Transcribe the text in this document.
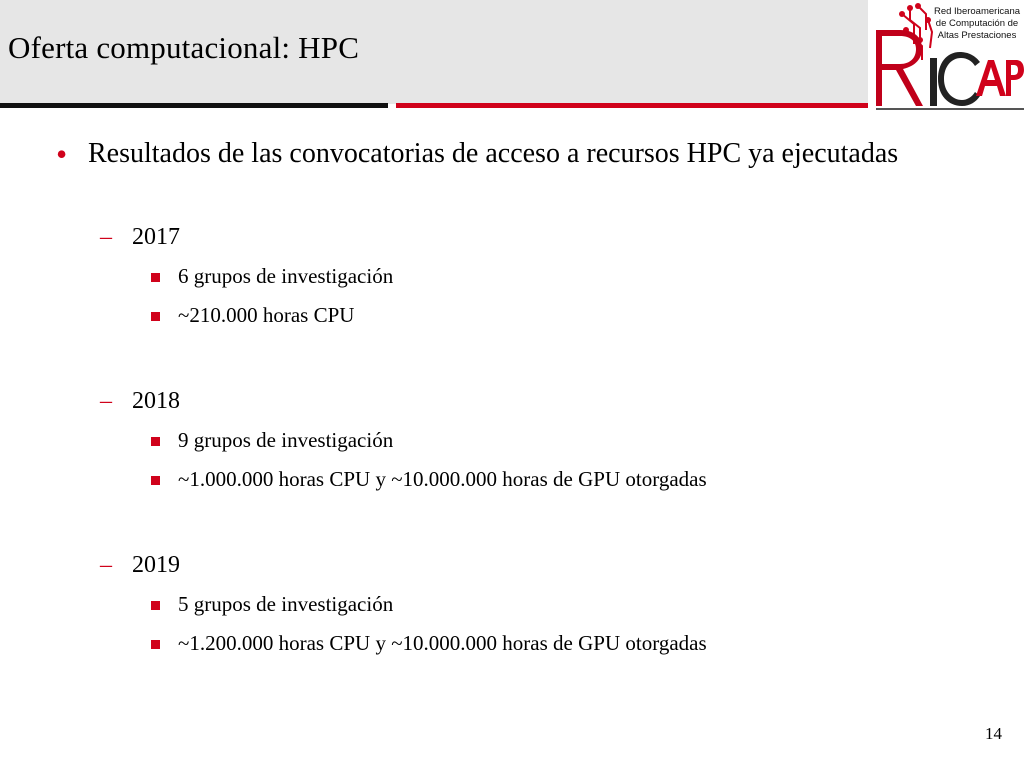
Oferta computacional: HPC
Red Iberoamericana
de Computación de
Altas Prestaciones
• Resultados de las convocatorias de acceso a recursos HPC ya ejecutadas
– 2017
6 grupos de investigación
~210.000 horas CPU
– 2018
9 grupos de investigación
~1.000.000 horas CPU y ~10.000.000 horas de GPU otorgadas
– 2019
5 grupos de investigación
~1.200.000 horas CPU y ~10.000.000 horas de GPU otorgadas
14
